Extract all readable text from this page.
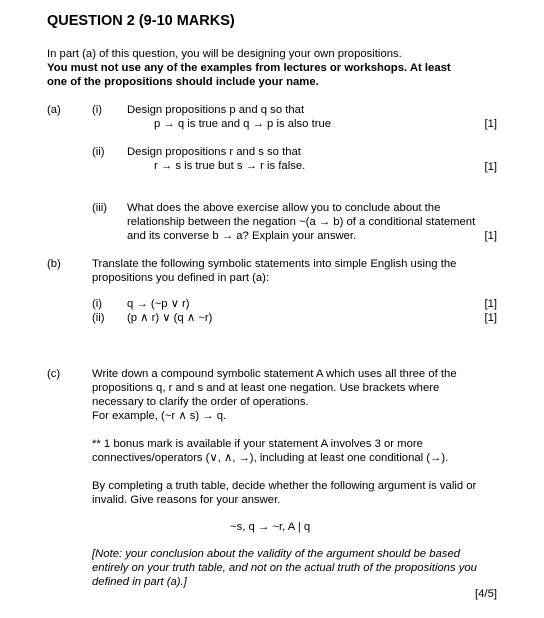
QUESTION 2 (9-10 MARKS)
In part (a) of this question, you will be designing your own propositions.
You must not use any of the examples from lectures or workshops. At least
one of the propositions should include your name.
(a)	(i) Design propositions p and q so that
p → q is true and q → p is also true	[1]
(ii) Design propositions r and s so that
r → s is true but s → r is false.	[1]
(iii) What does the above exercise allow you to conclude about the
relationship between the negation ~(a → b) of a conditional statement
and its converse b → a? Explain your answer.	[1]
(b)	Translate the following symbolic statements into simple English using the
propositions you defined in part (a):
(i) q → (~p ∨ r)	[1]
(ii) (p ∧ r) ∨ (q ∧ ~r)	[1]
(c)	Write down a compound symbolic statement A which uses all three of the
propositions q, r and s and at least one negation. Use brackets where
necessary to clarify the order of operations.
For example, (~r ∧ s) → q.
** 1 bonus mark is available if your statement A involves 3 or more
connectives/operators (∨, ∧, →), including at least one conditional (→).
By completing a truth table, decide whether the following argument is valid or
invalid. Give reasons for your answer.
~s, q → ~r, A | q
[Note: your conclusion about the validity of the argument should be based
entirely on your truth table, and not on the actual truth of the propositions you
defined in part (a).]
[4/5]
